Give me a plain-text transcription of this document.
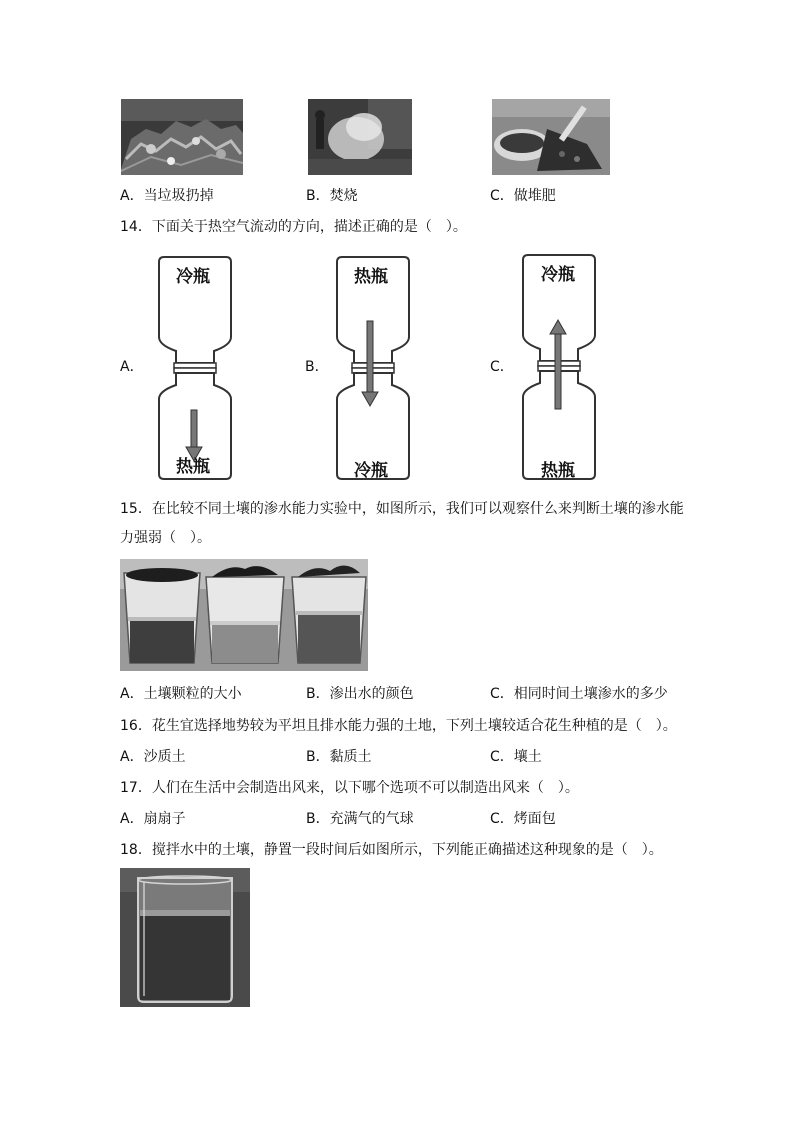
A．当垃圾扔掉	B．焚烧	C．做堆肥
14．下面关于热空气流动的方向，描述正确的是（　）。
A．
冷瓶
热瓶
B．
热瓶
冷瓶
C．
冷瓶
热瓶
15．在比较不同土壤的渗水能力实验中，如图所示，我们可以观察什么来判断土壤的渗水能
力强弱（　）。
A．土壤颗粒的大小	B．渗出水的颜色	C．相同时间土壤渗水的多少
16．花生宜选择地势较为平坦且排水能力强的土地，下列土壤较适合花生种植的是（　）。
A．沙质土	B．黏质土	C．壤土
17．人们在生活中会制造出风来，以下哪个选项不可以制造出风来（　）。
A．扇扇子	B．充满气的气球	C．烤面包
18．搅拌水中的土壤，静置一段时间后如图所示，下列能正确描述这种现象的是（　）。
